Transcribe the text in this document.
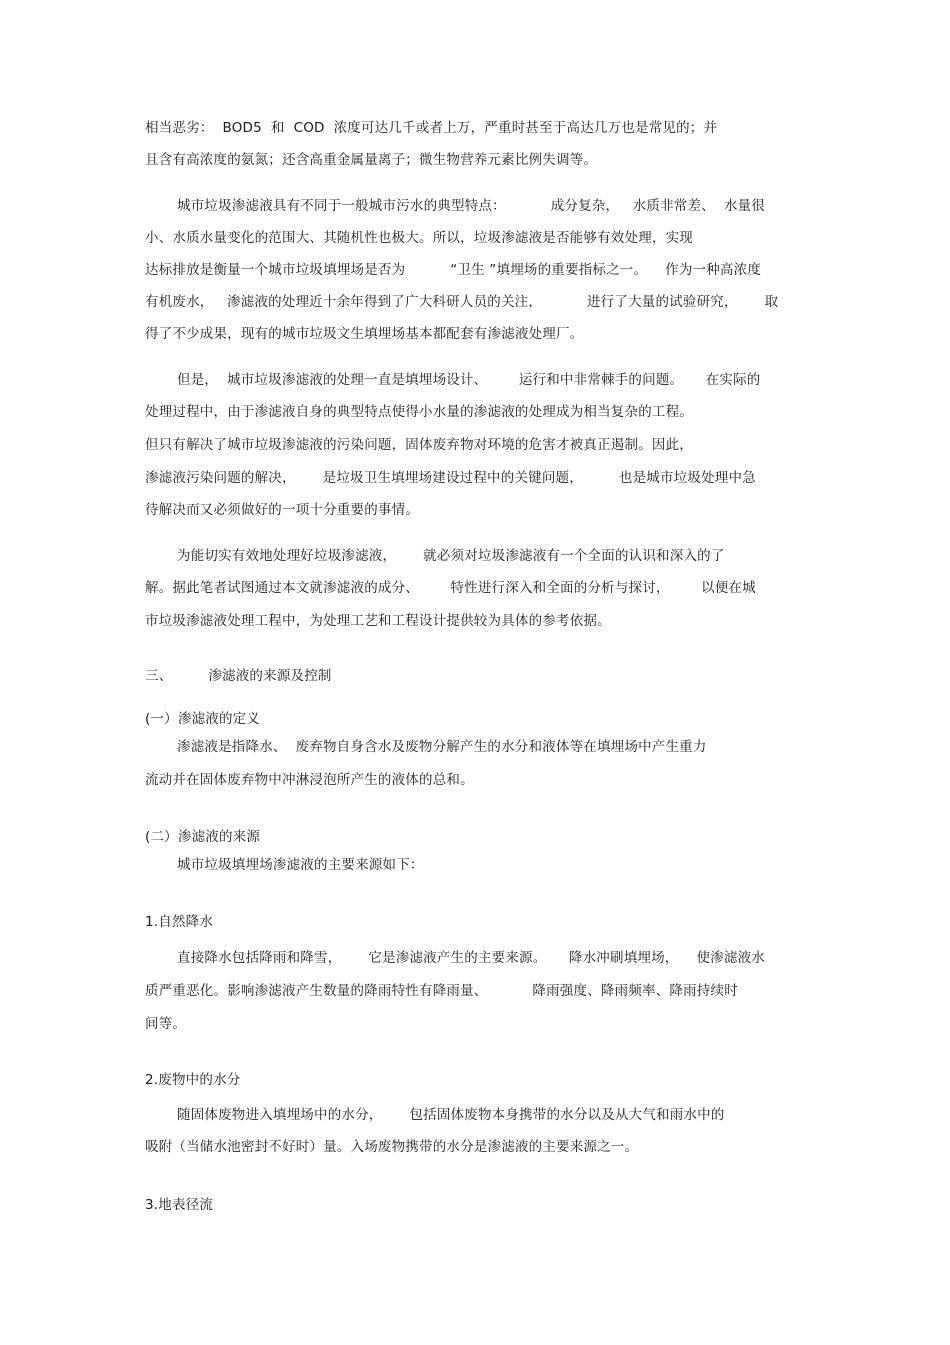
相当恶劣：  BOD5  和  COD  浓度可达几千或者上万，严重时甚至于高达几万也是常见的；并
且含有高浓度的氨氮；还含高重金属量离子；微生物营养元素比例失调等。
城市垃圾渗滤液具有不同于一般城市污水的典型特点：          成分复杂，   水质非常差、  水量很
小、水质水量变化的范围大、其随机性也极大。所以，垃圾渗滤液是否能够有效处理，实现
达标排放是衡量一个城市垃圾填埋场是否为          “卫生 ”填埋场的重要指标之一。    作为一种高浓度
有机废水，   渗滤液的处理近十余年得到了广大科研人员的关注，          进行了大量的试验研究，      取
得了不少成果，现有的城市垃圾文生填埋场基本都配套有渗滤液处理厂。
但是，  城市垃圾渗滤液的处理一直是填埋场设计、       运行和中非常棘手的问题。     在实际的
处理过程中，由于渗滤液自身的典型特点使得小水量的渗滤液的处理成为相当复杂的工程。
但只有解决了城市垃圾渗滤液的污染问题，固体废弃物对环境的危害才被真正遏制。因此，
渗滤液污染问题的解决，      是垃圾卫生填埋场建设过程中的关键问题，        也是城市垃圾处理中急
待解决而又必须做好的一项十分重要的事情。
为能切实有效地处理好垃圾渗滤液，      就必须对垃圾渗滤液有一个全面的认识和深入的了
解。据此笔者试图通过本文就渗滤液的成分、       特性进行深入和全面的分析与探讨，       以便在城
市垃圾渗滤液处理工程中，为处理工艺和工程设计提供较为具体的参考依据。
三、        渗滤液的来源及控制
(一）渗滤液的定义
渗滤液是指降水、  废弃物自身含水及废物分解产生的水分和液体等在填埋场中产生重力
流动并在固体废弃物中冲淋浸泡所产生的液体的总和。
(二）渗滤液的来源
城市垃圾填埋场渗滤液的主要来源如下：
1.自然降水
直接降水包括降雨和降雪，      它是渗滤液产生的主要来源。     降水冲刷填埋场，    使渗滤液水
质严重恶化。影响渗滤液产生数量的降雨特性有降雨量、          降雨强度、降雨频率、降雨持续时
间等。
2.废物中的水分
随固体废物进入填埋场中的水分，      包括固体废物本身携带的水分以及从大气和雨水中的
吸附（当储水池密封不好时）量。入场废物携带的水分是渗滤液的主要来源之一。
3.地表径流
